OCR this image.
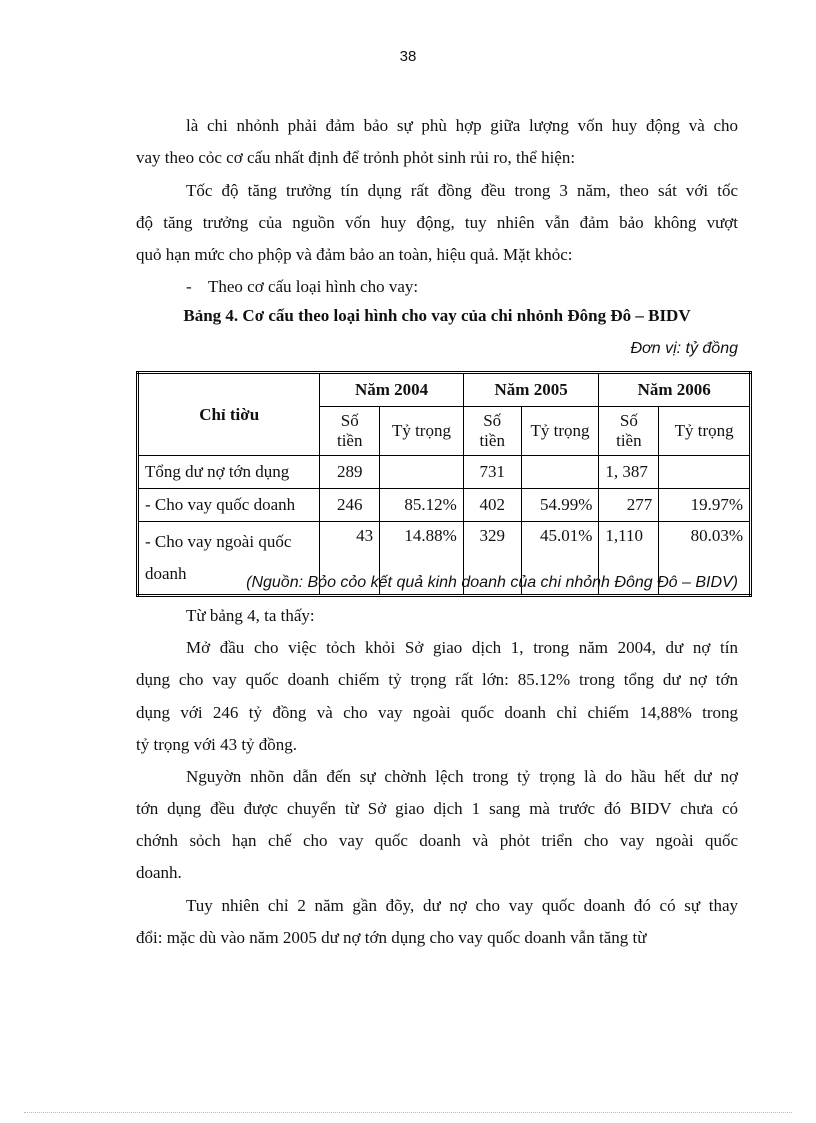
38
là chi nhỏnh phải đảm bảo sự phù hợp giữa lượng vốn huy động và cho
vay theo cỏc cơ cấu nhất định để trỏnh phỏt sinh rủi ro, thể hiện:
Tốc độ tăng trưởng tín dụng rất đồng đều trong 3 năm, theo sát với tốc
độ tăng trưởng của nguồn vốn huy động, tuy nhiên vẫn đảm bảo không vượt
quỏ hạn mức cho phộp và đảm bảo an toàn, hiệu quả. Mặt khỏc:
- Theo cơ cấu loại hình cho vay:
Bảng 4. Cơ cấu theo loại hình cho vay của chi nhỏnh Đông Đô – BIDV
Đơn vị: tỷ đồng
Chỉ tiờu	Năm 2004		Năm 2005		Năm 2006	
	Số tiền	Tỷ trọng	Số tiền	Tỷ trọng	Số tiền	Tỷ trọng
Tổng dư nợ tớn dụng	289		731		1, 387	
- Cho vay quốc doanh	246	85.12%	402	54.99%	277	19.97%

- Cho vay ngoài quốc
doanh	43	14.88%	329	45.01%	1,110	80.03%
(Nguồn: Bỏo cỏo kết quả kinh doanh của chi nhỏnh Đông Đô – BIDV)
Từ bảng 4, ta thấy:
Mở đầu cho việc tỏch khỏi Sở giao dịch 1, trong năm 2004, dư nợ tín
dụng cho vay quốc doanh chiếm tỷ trọng rất lớn: 85.12% trong tổng dư nợ tớn
dụng với 246 tỷ đồng và cho vay ngoài quốc doanh chỉ chiếm 14,88% trong
tỷ trọng với 43 tỷ đồng.
Nguyờn nhõn dẫn đến sự chờnh lệch trong tỷ trọng là do hầu hết dư nợ
tớn dụng đều được chuyển từ Sở giao dịch 1 sang mà trước đó BIDV chưa có
chớnh sỏch hạn chế cho vay quốc doanh và phỏt triển cho vay ngoài quốc
doanh.
Tuy nhiên chỉ 2 năm gần đõy, dư nợ cho vay quốc doanh đó có sự thay
đổi: mặc dù vào năm 2005 dư nợ tớn dụng cho vay quốc doanh vẫn tăng từ
